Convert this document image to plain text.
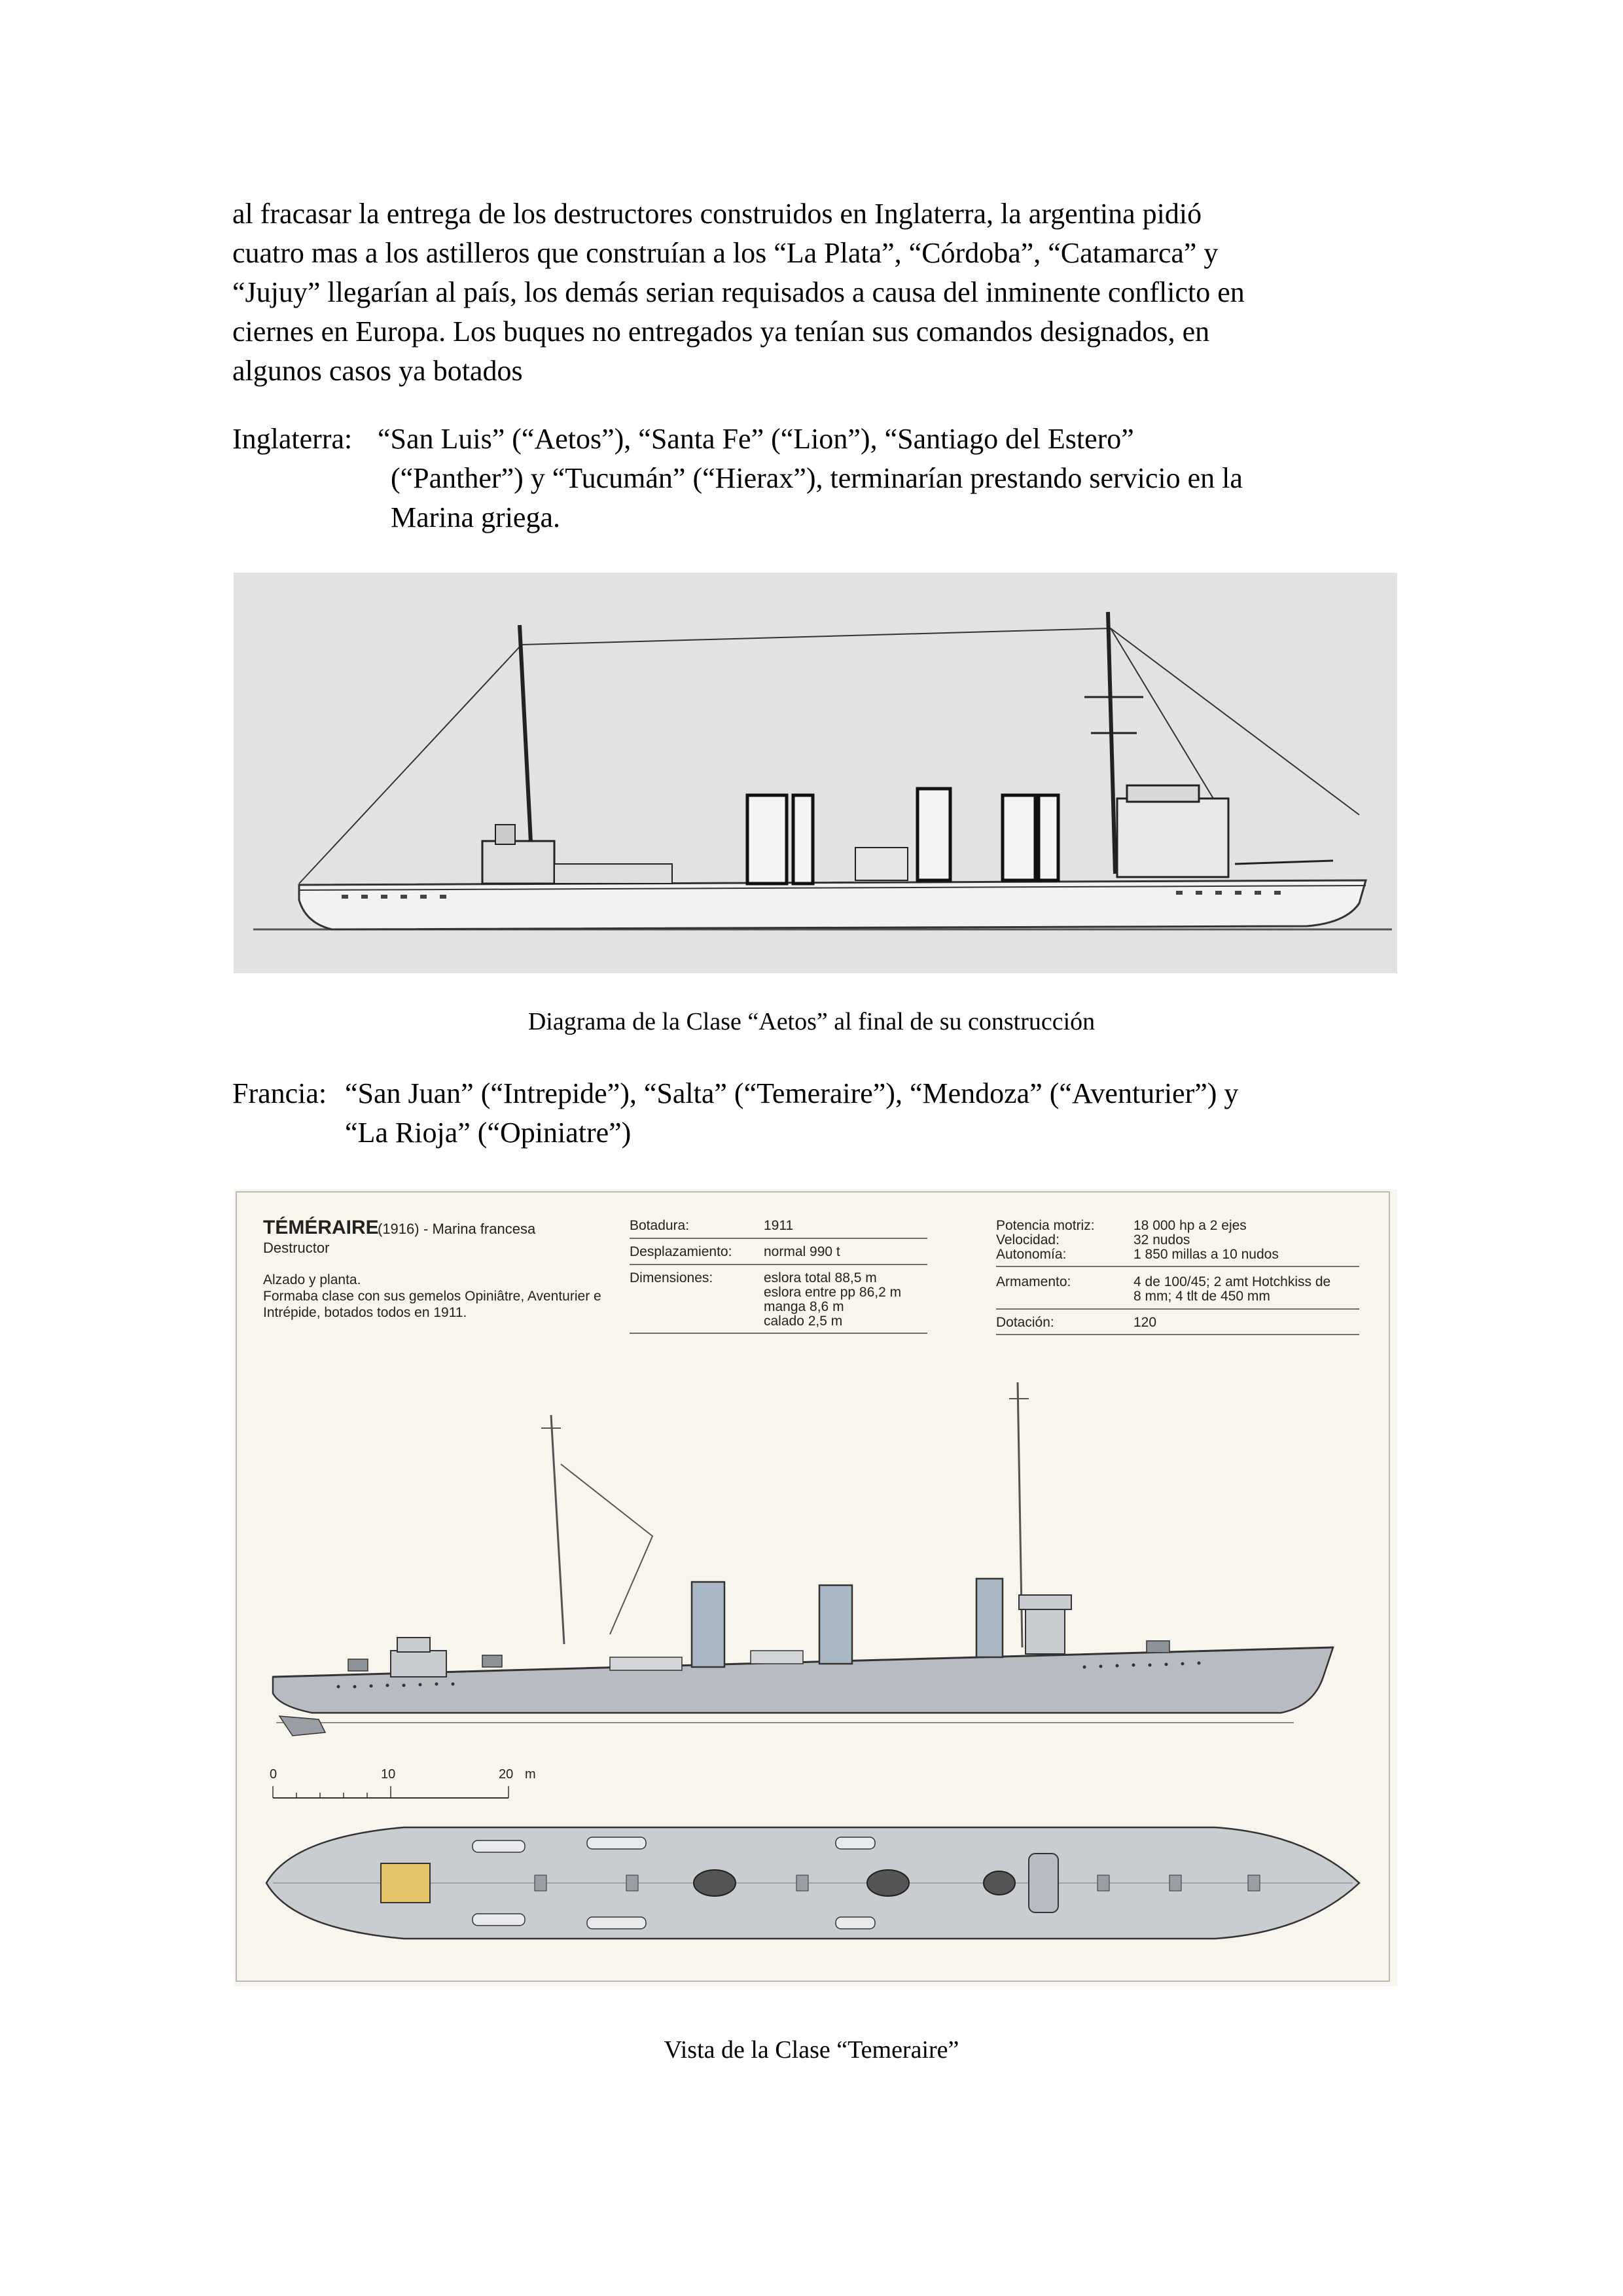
al fracasar la entrega de los destructores construidos en Inglaterra, la argentina pidió
cuatro mas a los astilleros que construían a los “La Plata”, “Córdoba”, “Catamarca” y
“Jujuy” llegarían al país, los demás serian requisados a causa del inminente conflicto en
ciernes en Europa. Los buques no entregados ya tenían sus comandos designados, en
algunos casos ya botados
Inglaterra: “San Luis” (“Aetos”), “Santa Fe” (“Lion”), “Santiago del Estero”
(“Panther”) y “Tucumán” (“Hierax”), terminarían prestando servicio en la
Marina griega.
Diagrama de la Clase “Aetos” al final de su construcción
Francia: “San Juan” (“Intrepide”), “Salta” (“Temeraire”), “Mendoza” (“Aventurier”) y
“La Rioja” (“Opiniatre”)
TÉMÉRAIRE
(1916) - Marina francesa
Destructor
Alzado y planta.
Formaba clase con sus gemelos Opiniâtre, Aventurier e
Intrépide, botados todos en 1911.
Botadura:	1911
Desplazamiento: normal 990 t
Dimensiones:	eslora total 88,5 m
eslora entre pp 86,2 m
manga 8,6 m
calado 2,5 m
Potencia motriz:	18 000 hp a 2 ejes
Velocidad:	32 nudos
Autonomía:	1 850 millas a 10 nudos
Armamento:	4 de 100/45; 2 amt Hotchkiss de
8 mm; 4 tlt de 450 mm
Dotación:	120
0	10	20 m
Vista de la Clase “Temeraire”
